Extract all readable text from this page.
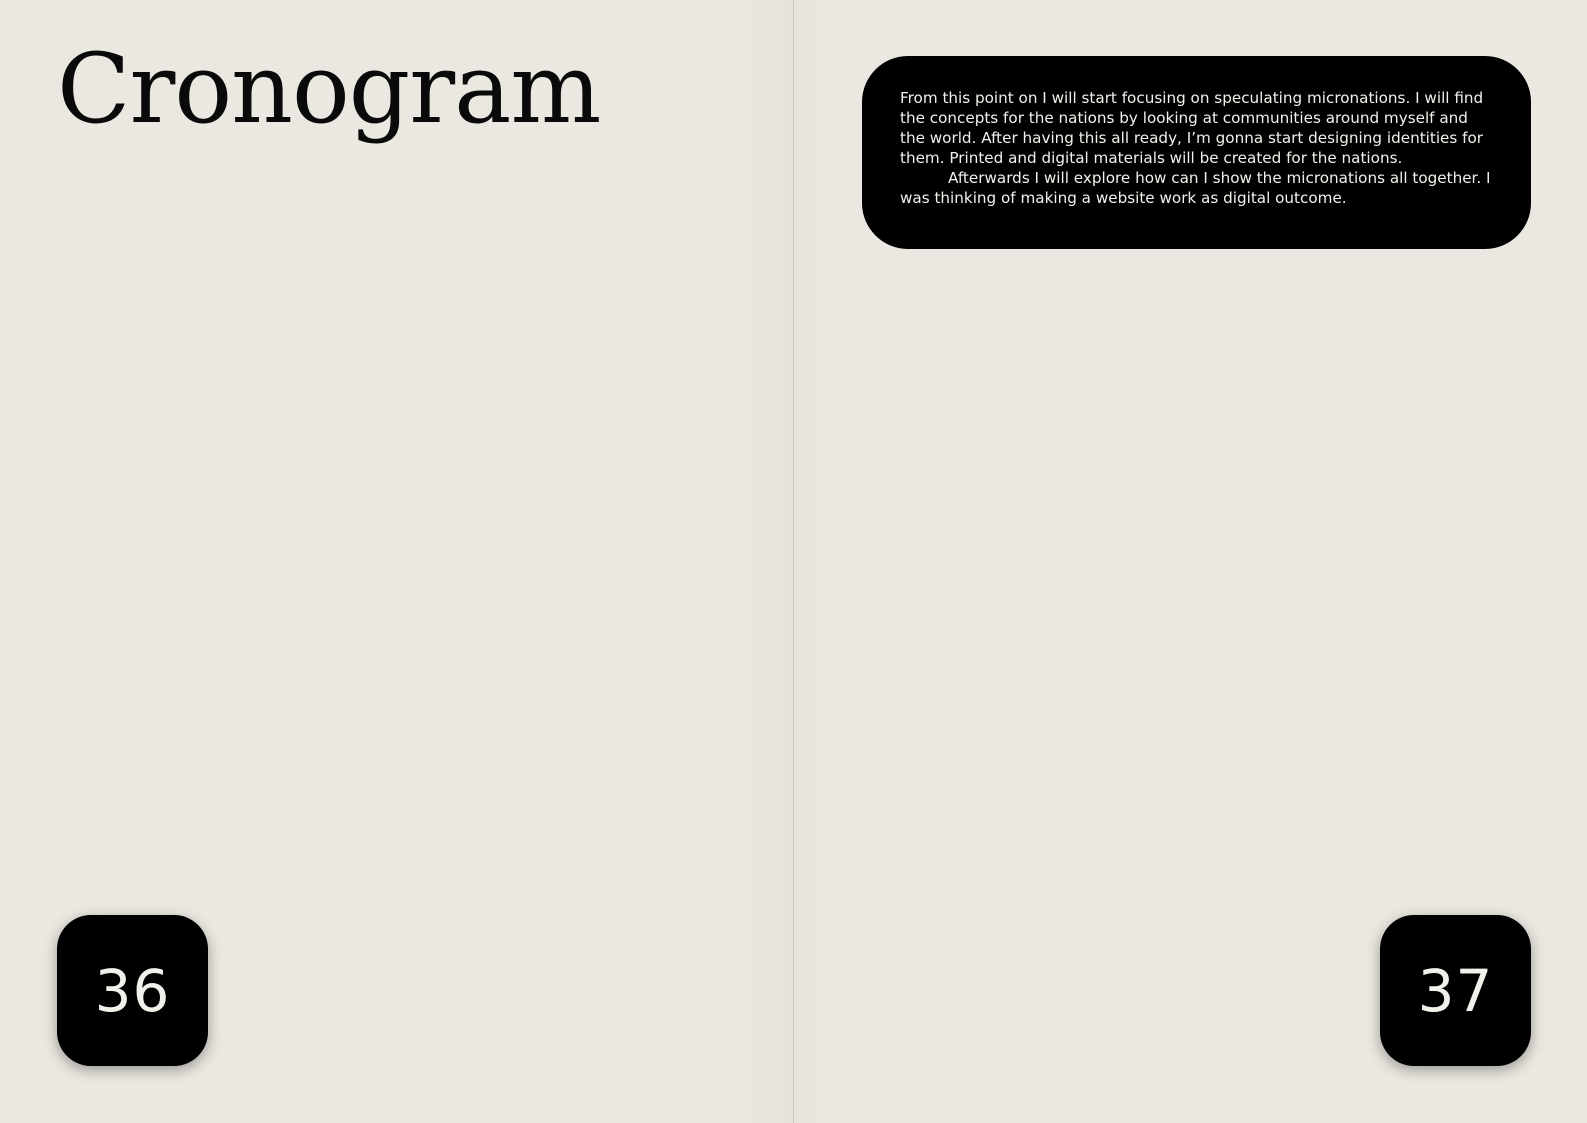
Cronogram
36

From this point on I will start focusing on speculating micronations. I will find the concepts for the nations by looking at communities around myself and the world. After having this all ready, I’m gonna start designing identities for them. Printed and digital materials will be created for the nations.

Afterwards I will explore how can I show the micronations all together. I was thinking of making a website work as digital outcome.

37
